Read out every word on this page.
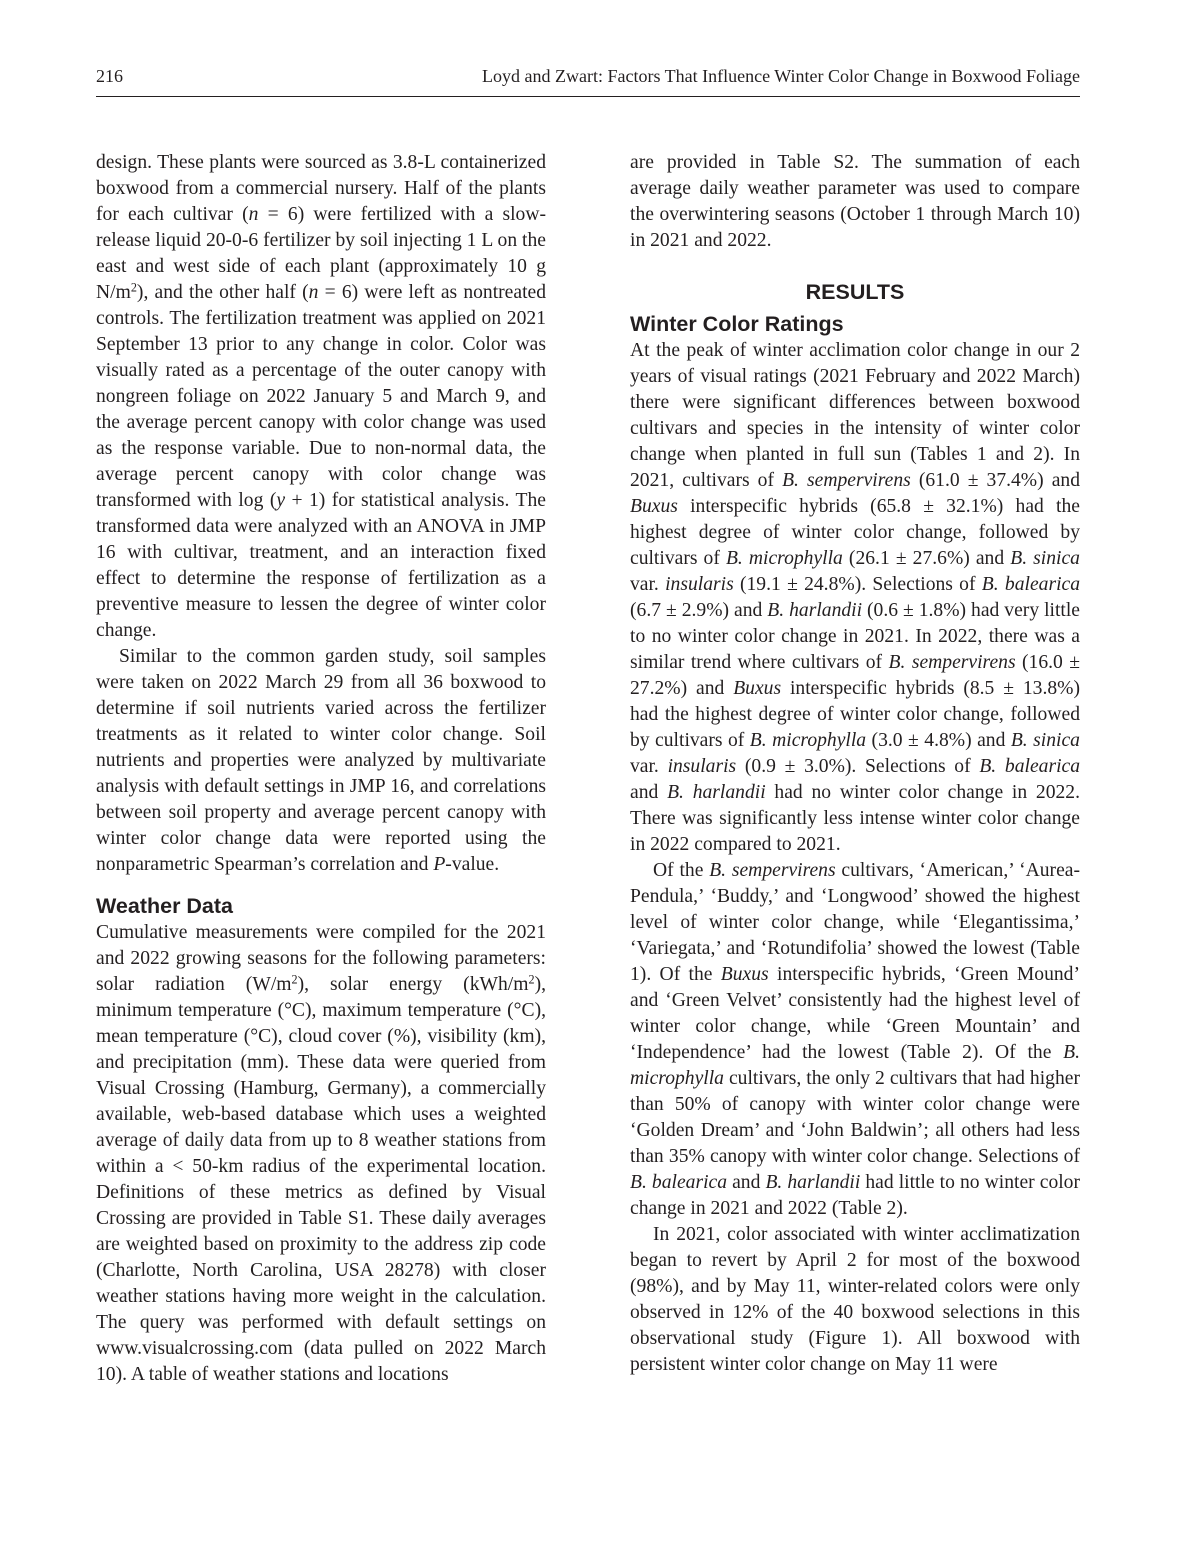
216	Loyd and Zwart: Factors That Influence Winter Color Change in Boxwood Foliage

design. These plants were sourced as 3.8-L containerized boxwood from a commercial nursery. Half of the plants for each cultivar (n = 6) were fertilized with a slow-release liquid 20-0-6 fertilizer by soil injecting 1 L on the east and west side of each plant (approximately 10 g $N/m^2$), and the other half (n = 6) were left as nontreated controls. The fertilization treatment was applied on 2021 September 13 prior to any change in color. Color was visually rated as a percentage of the outer canopy with nongreen foliage on 2022 January 5 and March 9, and the average percent canopy with color change was used as the response variable. Due to non-normal data, the average percent canopy with color change was transformed with log (y + 1) for statistical analysis. The transformed data were analyzed with an ANOVA in JMP 16 with cultivar, treatment, and an interaction fixed effect to determine the response of fertilization as a preventive measure to lessen the degree of winter color change.

Similar to the common garden study, soil samples were taken on 2022 March 29 from all 36 boxwood to determine if soil nutrients varied across the fertilizer treatments as it related to winter color change. Soil nutrients and properties were analyzed by multivariate analysis with default settings in JMP 16, and correlations between soil property and average percent canopy with winter color change data were reported using the nonparametric Spearman’s correlation and P-value.

Weather Data

Cumulative measurements were compiled for the 2021 and 2022 growing seasons for the following parameters: solar radiation $(W/m^2)$, solar energy $(kWh/m^2)$, minimum temperature (°C), maximum temperature (°C), mean temperature (°C), cloud cover (%), visibility (km), and precipitation (mm). These data were queried from Visual Crossing (Hamburg, Germany), a commercially available, web-based database which uses a weighted average of daily data from up to 8 weather stations from within a < 50-km radius of the experimental location. Definitions of these metrics as defined by Visual Crossing are provided in Table S1. These daily averages are weighted based on proximity to the address zip code (Charlotte, North Carolina, USA 28278) with closer weather stations having more weight in the calculation. The query was performed with default settings on www.visualcrossing.com (data pulled on 2022 March 10). A table of weather stations and locations

are provided in Table S2. The summation of each average daily weather parameter was used to compare the overwintering seasons (October 1 through March 10) in 2021 and 2022.

RESULTS
Winter Color Ratings

At the peak of winter acclimation color change in our 2 years of visual ratings (2021 February and 2022 March) there were significant differences between boxwood cultivars and species in the intensity of winter color change when planted in full sun (Tables 1 and 2). In 2021, cultivars of B. sempervirens (61.0 ± 37.4%) and Buxus interspecific hybrids (65.8 ± 32.1%) had the highest degree of winter color change, followed by cultivars of B. microphylla (26.1 ± 27.6%) and B. sinica var. insularis (19.1 ± 24.8%). Selections of B. balearica (6.7 ± 2.9%) and B. harlandii (0.6 ± 1.8%) had very little to no winter color change in 2021. In 2022, there was a similar trend where cultivars of B. sempervirens (16.0 ± 27.2%) and Buxus interspecific hybrids (8.5 ± 13.8%) had the highest degree of winter color change, followed by cultivars of B. microphylla (3.0 ± 4.8%) and B. sinica var. insularis (0.9 ± 3.0%). Selections of B. balearica and B. harlandii had no winter color change in 2022. There was significantly less intense winter color change in 2022 compared to 2021.

Of the B. sempervirens cultivars, ‘American,’ ‘Aurea-Pendula,’ ‘Buddy,’ and ‘Longwood’ showed the highest level of winter color change, while ‘Elegantissima,’ ‘Variegata,’ and ‘Rotundifolia’ showed the lowest (Table 1). Of the Buxus interspecific hybrids, ‘Green Mound’ and ‘Green Velvet’ consistently had the highest level of winter color change, while ‘Green Mountain’ and ‘Independence’ had the lowest (Table 2). Of the B. microphylla cultivars, the only 2 cultivars that had higher than 50% of canopy with winter color change were ‘Golden Dream’ and ‘John Baldwin’; all others had less than 35% canopy with winter color change. Selections of B. balearica and B. harlandii had little to no winter color change in 2021 and 2022 (Table 2).

In 2021, color associated with winter acclimatization began to revert by April 2 for most of the boxwood (98%), and by May 11, winter-related colors were only observed in 12% of the 40 boxwood selections in this observational study (Figure 1). All boxwood with persistent winter color change on May 11 were
